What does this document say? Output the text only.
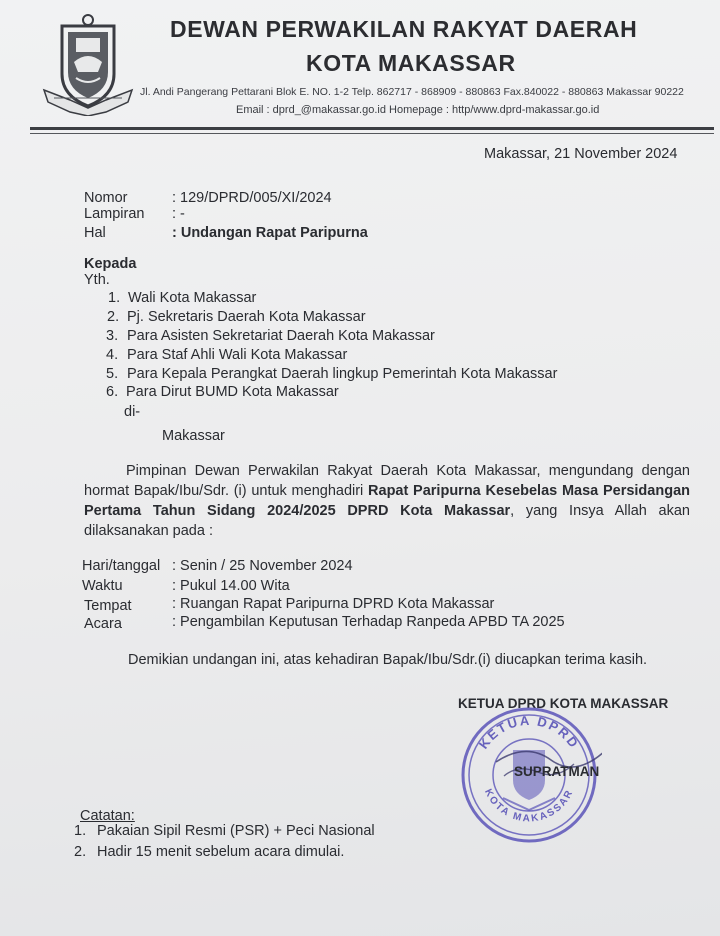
DEWAN PERWAKILAN RAKYAT DAERAH
KOTA MAKASSAR
Jl. Andi Pangerang Pettarani Blok E. NO. 1-2 Telp. 862717 - 868909 - 880863 Fax.840022 - 880863 Makassar 90222
Email : dprd_@makassar.go.id Homepage : http/www.dprd-makassar.go.id
Makassar, 21 November 2024
Nomor	: 129/DPRD/005/XI/2024
Lampiran : -
Hal	: Undangan Rapat Paripurna
Kepada
Yth.
1. Wali Kota Makassar
2. Pj. Sekretaris Daerah Kota Makassar
3. Para Asisten Sekretariat Daerah Kota Makassar
4. Para Staf Ahli Wali Kota Makassar
5. Para Kepala Perangkat Daerah lingkup Pemerintah Kota Makassar
6. Para Dirut BUMD Kota Makassar
di-
Makassar
Pimpinan Dewan Perwakilan Rakyat Daerah Kota Makassar, mengundang dengan hormat Bapak/Ibu/Sdr. (i) untuk menghadiri Rapat Paripurna Kesebelas Masa Persidangan Pertama Tahun Sidang 2024/2025 DPRD Kota Makassar, yang Insya Allah akan dilaksanakan pada :
Hari/tanggal : Senin / 25 November 2024
Waktu	: Pukul 14.00 Wita
Tempat	: Ruangan Rapat Paripurna DPRD Kota Makassar
Acara	: Pengambilan Keputusan Terhadap Ranpeda APBD TA 2025
Demikian undangan ini, atas kehadiran Bapak/Ibu/Sdr.(i) diucapkan terima kasih.
KETUA DPRD KOTA MAKASSAR
KETUA DPRD
KOTA MAKASSAR
SUPRATMAN
Catatan:
1. Pakaian Sipil Resmi (PSR) + Peci Nasional
2. Hadir 15 menit sebelum acara dimulai.
